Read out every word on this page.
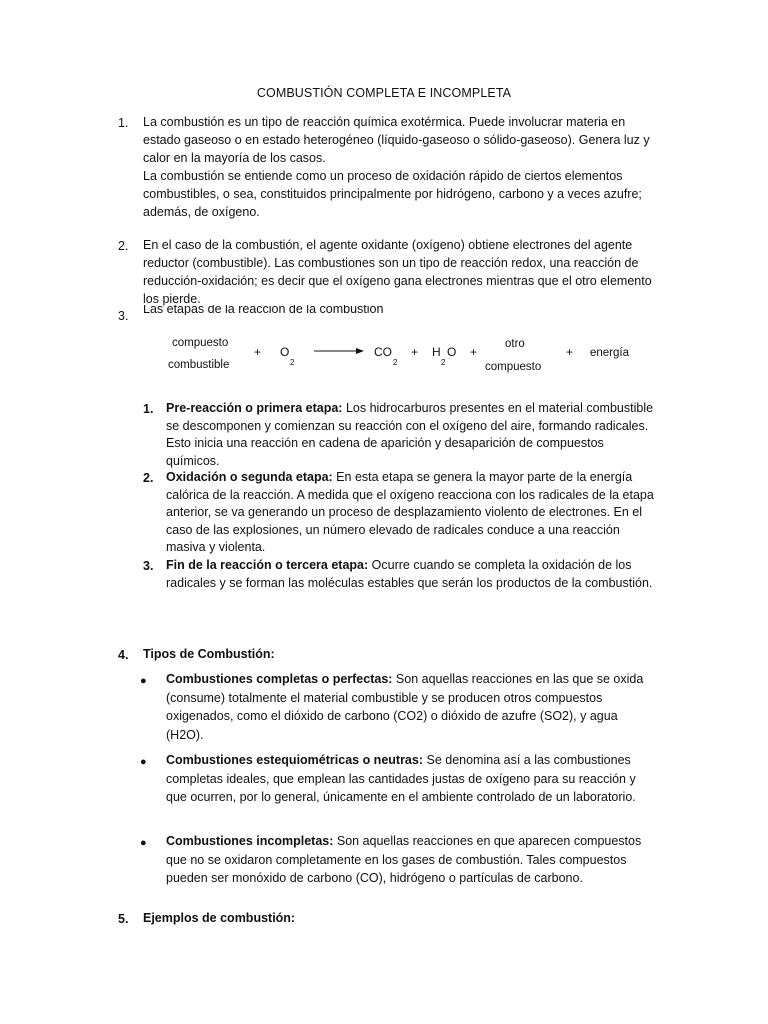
COMBUSTIÓN COMPLETA E INCOMPLETA
1. La combustión es un tipo de reacción química exotérmica. Puede involucrar materia en estado gaseoso o en estado heterogéneo (líquido-gaseoso o sólido-gaseoso). Genera luz y calor en la mayoría de los casos.

La combustión se entiende como un proceso de oxidación rápido de ciertos elementos combustibles, o sea, constituidos principalmente por hidrógeno, carbono y a veces azufre; además, de oxígeno.

2. En el caso de la combustión, el agente oxidante (oxígeno) obtiene electrones del agente reductor (combustible). Las combustiones son un tipo de reacción redox, una reacción de reducción-oxidación; es decir que el oxígeno gana electrones mientras que el otro elemento los pierde.

3. Las etapas de la reacción de la combustión
compuesto
combustible
+ O
2
CO
2
+ H
2
O +
otro
compuesto
+ energía
1. Pre-reacción o primera etapa: Los hidrocarburos presentes en el material combustible se descomponen y comienzan su reacción con el oxígeno del aire, formando radicales. Esto inicia una reacción en cadena de aparición y desaparición de compuestos químicos.
2. Oxidación o segunda etapa: En esta etapa se genera la mayor parte de la energía calórica de la reacción. A medida que el oxígeno reacciona con los radicales de la etapa anterior, se va generando un proceso de desplazamiento violento de electrones. En el caso de las explosiones, un número elevado de radicales conduce a una reacción masiva y violenta.
3. Fin de la reacción o tercera etapa: Ocurre cuando se completa la oxidación de los radicales y se forman las moléculas estables que serán los productos de la combustión.
4. Tipos de Combustión:
● Combustiones completas o perfectas: Son aquellas reacciones en las que se oxida (consume) totalmente el material combustible y se producen otros compuestos oxigenados, como el dióxido de carbono (CO2) o dióxido de azufre (SO2), y agua (H2O).
● Combustiones estequiométricas o neutras: Se denomina así a las combustiones completas ideales, que emplean las cantidades justas de oxígeno para su reacción y que ocurren, por lo general, únicamente en el ambiente controlado de un laboratorio.
● Combustiones incompletas: Son aquellas reacciones en que aparecen compuestos que no se oxidaron completamente en los gases de combustión. Tales compuestos pueden ser monóxido de carbono (CO), hidrógeno o partículas de carbono.
5. Ejemplos de combustión:
